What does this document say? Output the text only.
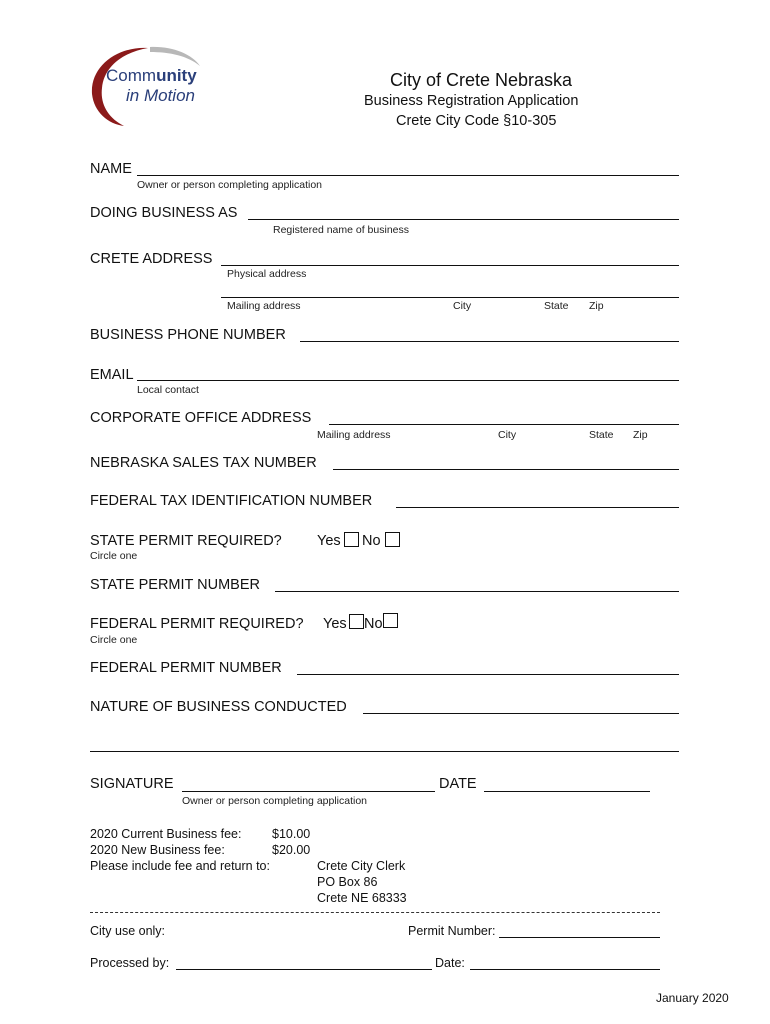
Community
in Motion
City of Crete Nebraska
Business Registration Application
Crete City Code §10-305
NAME
Owner or person completing application
DOING BUSINESS AS
Registered name of business
CRETE ADDRESS
Physical address
Mailing address	City	State Zip
BUSINESS PHONE NUMBER
EMAIL
Local contact
CORPORATE OFFICE ADDRESS
Mailing address	City	State Zip
NEBRASKA SALES TAX NUMBER
FEDERAL TAX IDENTIFICATION NUMBER
STATE PERMIT REQUIRED? Yes No
Circle one
STATE PERMIT NUMBER
FEDERAL PERMIT REQUIRED? Yes No
Circle one
FEDERAL PERMIT NUMBER
NATURE OF BUSINESS CONDUCTED
SIGNATURE	DATE
Owner or person completing application
2020 Current Business fee: $10.00
2020 New Business fee:	$20.00
Please include fee and return to:	Crete City Clerk
PO Box 86
Crete NE 68333
City use only:	Permit Number:
Processed by:	Date:
January 2020
